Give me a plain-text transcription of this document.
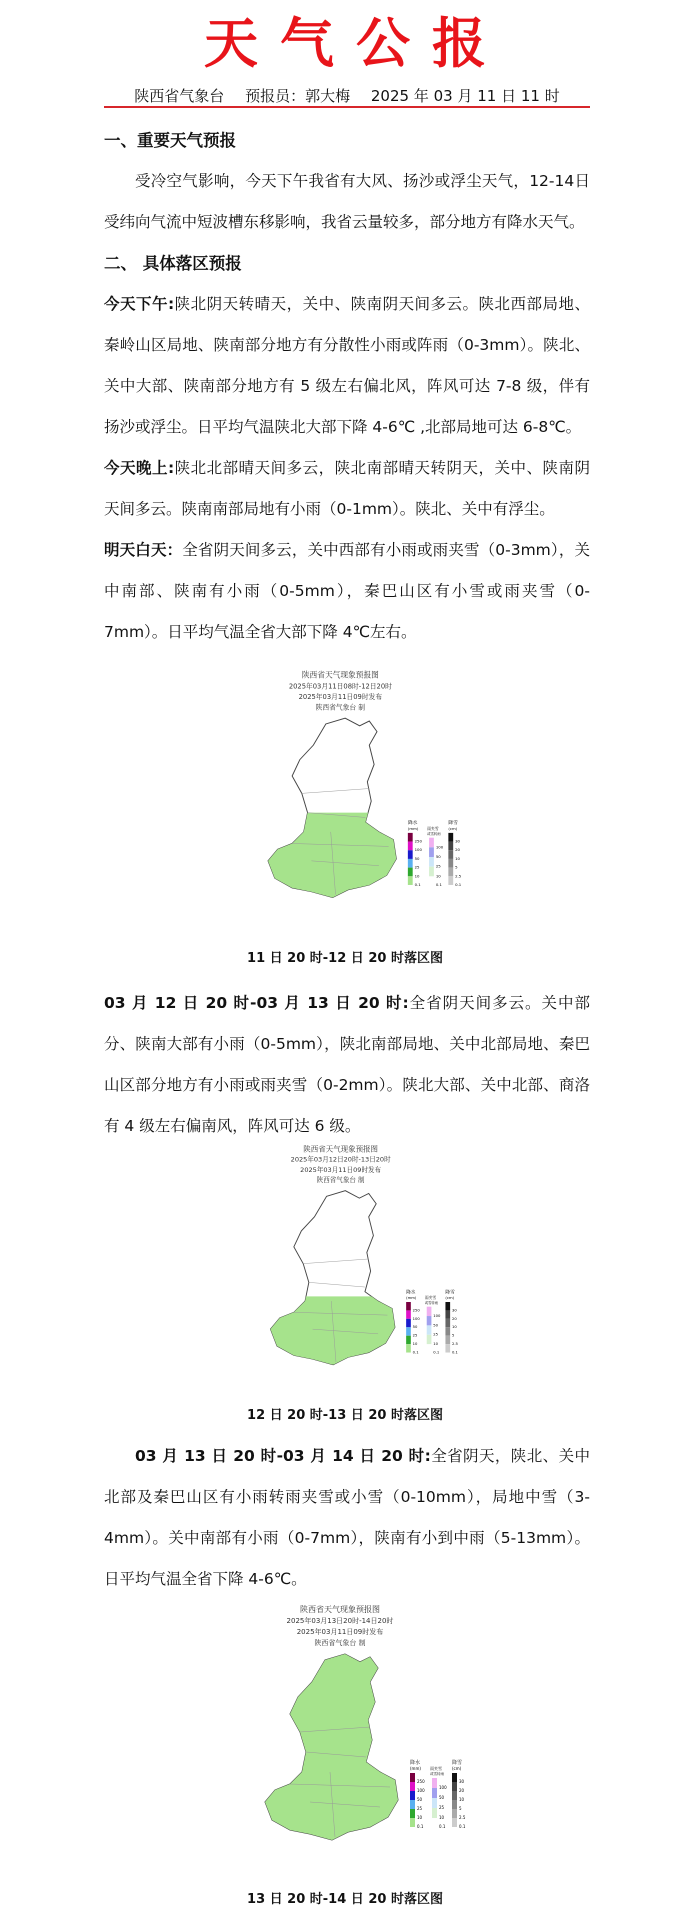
天气公报
陕西省气象台 预报员：郭大梅 2025 年 03 月 11 日 11 时
一、重要天气预报
受冷空气影响，今天下午我省有大风、扬沙或浮尘天气，12-14日受纬向气流中短波槽东移影响，我省云量较多，部分地方有降水天气。
二、 具体落区预报
今天下午:陕北阴天转晴天，关中、陕南阴天间多云。陕北西部局地、秦岭山区局地、陕南部分地方有分散性小雨或阵雨（0-3mm）。陕北、关中大部、陕南部分地方有 5 级左右偏北风，阵风可达 7-8 级，伴有扬沙或浮尘。日平均气温陕北大部下降 4-6℃ ,北部局地可达 6-8℃。
今天晚上:陕北北部晴天间多云，陕北南部晴天转阴天，关中、陕南阴天间多云。陕南南部局地有小雨（0-1mm）。陕北、关中有浮尘。
明天白天：全省阴天间多云，关中西部有小雨或雨夹雪（0-3mm），关中南部、陕南有小雨（0-5mm），秦巴山区有小雪或雨夹雪（0-7mm）。日平均气温全省大部下降 4℃左右。
陕西省天气现象预报图
2025年03月11日08时-12日20时
2025年03月11日09时发布
陕西省气象台 制
降水
(mm)
250
100
50
25
10
0.1
雨夹雪
或雪转雨
100
50
25
10
0.1
降雪
(cm)
30
20
10
5
2.5
0.1
11 日 20 时-12 日 20 时落区图
03 月 12 日 20 时-03 月 13 日 20 时:全省阴天间多云。关中部分、陕南大部有小雨（0-5mm），陕北南部局地、关中北部局地、秦巴山区部分地方有小雨或雨夹雪（0-2mm）。陕北大部、关中北部、商洛有 4 级左右偏南风，阵风可达 6 级。
陕西省天气现象预报图
2025年03月12日20时-13日20时
2025年03月11日09时发布
陕西省气象台 制
降水
(mm)
250
100
50
25
10
0.1
雨夹雪
或雪转雨
100
50
25
10
0.1
降雪
(cm)
30
20
10
5
2.5
0.1
12 日 20 时-13 日 20 时落区图
03 月 13 日 20 时-03 月 14 日 20 时:全省阴天，陕北、关中北部及秦巴山区有小雨转雨夹雪或小雪（0-10mm），局地中雪（3-4mm）。关中南部有小雨（0-7mm），陕南有小到中雨（5-13mm）。日平均气温全省下降 4-6℃。
陕西省天气现象预报图
2025年03月13日20时-14日20时
2025年03月11日09时发布
陕西省气象台 制
降水
(mm)
250
100
50
25
10
0.1
雨夹雪
或雪转雨
100
50
25
10
0.1
降雪
(cm)
30
20
10
5
2.5
0.1
13 日 20 时-14 日 20 时落区图
